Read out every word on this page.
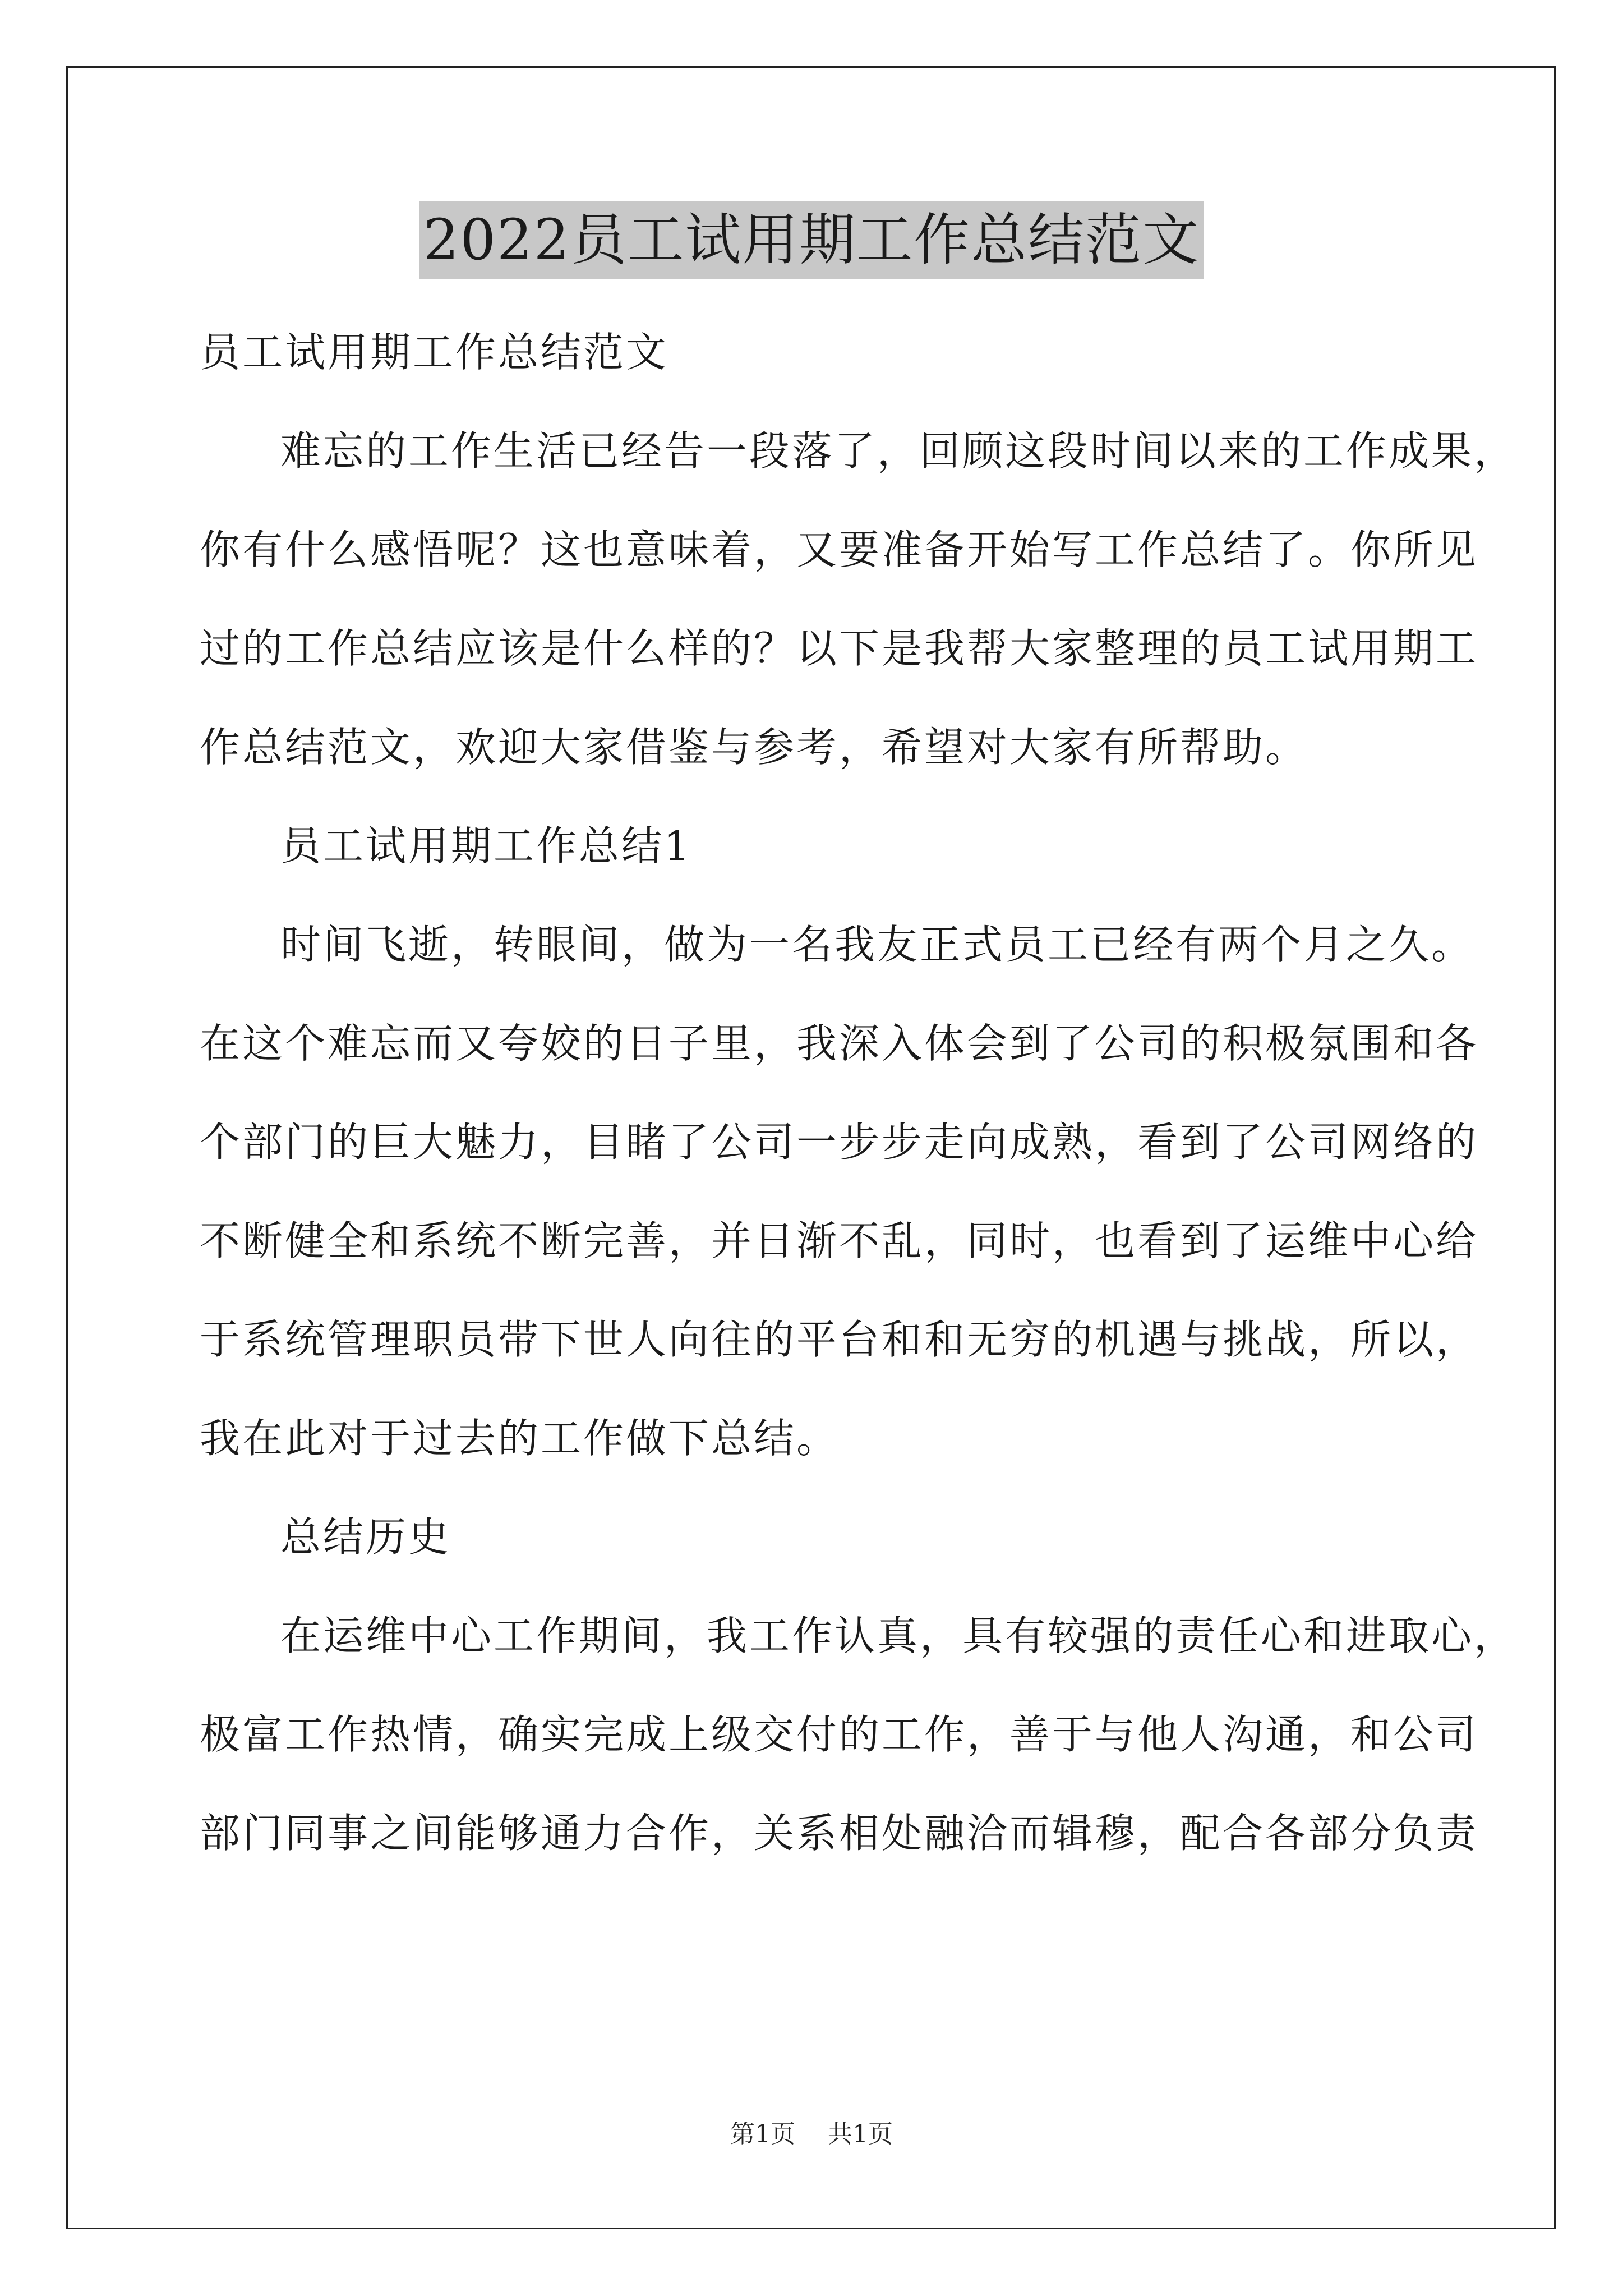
2022员工试用期工作总结范文
员工试用期工作总结范文
难忘的工作生活已经告一段落了，回顾这段时间以来的工作成果，
你有什么感悟呢？这也意味着，又要准备开始写工作总结了。你所见
过的工作总结应该是什么样的？以下是我帮大家整理的员工试用期工
作总结范文，欢迎大家借鉴与参考，希望对大家有所帮助。
员工试用期工作总结1
时间飞逝，转眼间，做为一名我友正式员工已经有两个月之久。
在这个难忘而又夸姣的日子里，我深入体会到了公司的积极氛围和各
个部门的巨大魅力，目睹了公司一步步走向成熟，看到了公司网络的
不断健全和系统不断完善，并日渐不乱，同时，也看到了运维中心给
于系统管理职员带下世人向往的平台和和无穷的机遇与挑战，所以，
我在此对于过去的工作做下总结。
总结历史
在运维中心工作期间，我工作认真，具有较强的责任心和进取心，
极富工作热情，确实完成上级交付的工作，善于与他人沟通，和公司
部门同事之间能够通力合作，关系相处融洽而辑穆，配合各部分负责
第1页 共1页
